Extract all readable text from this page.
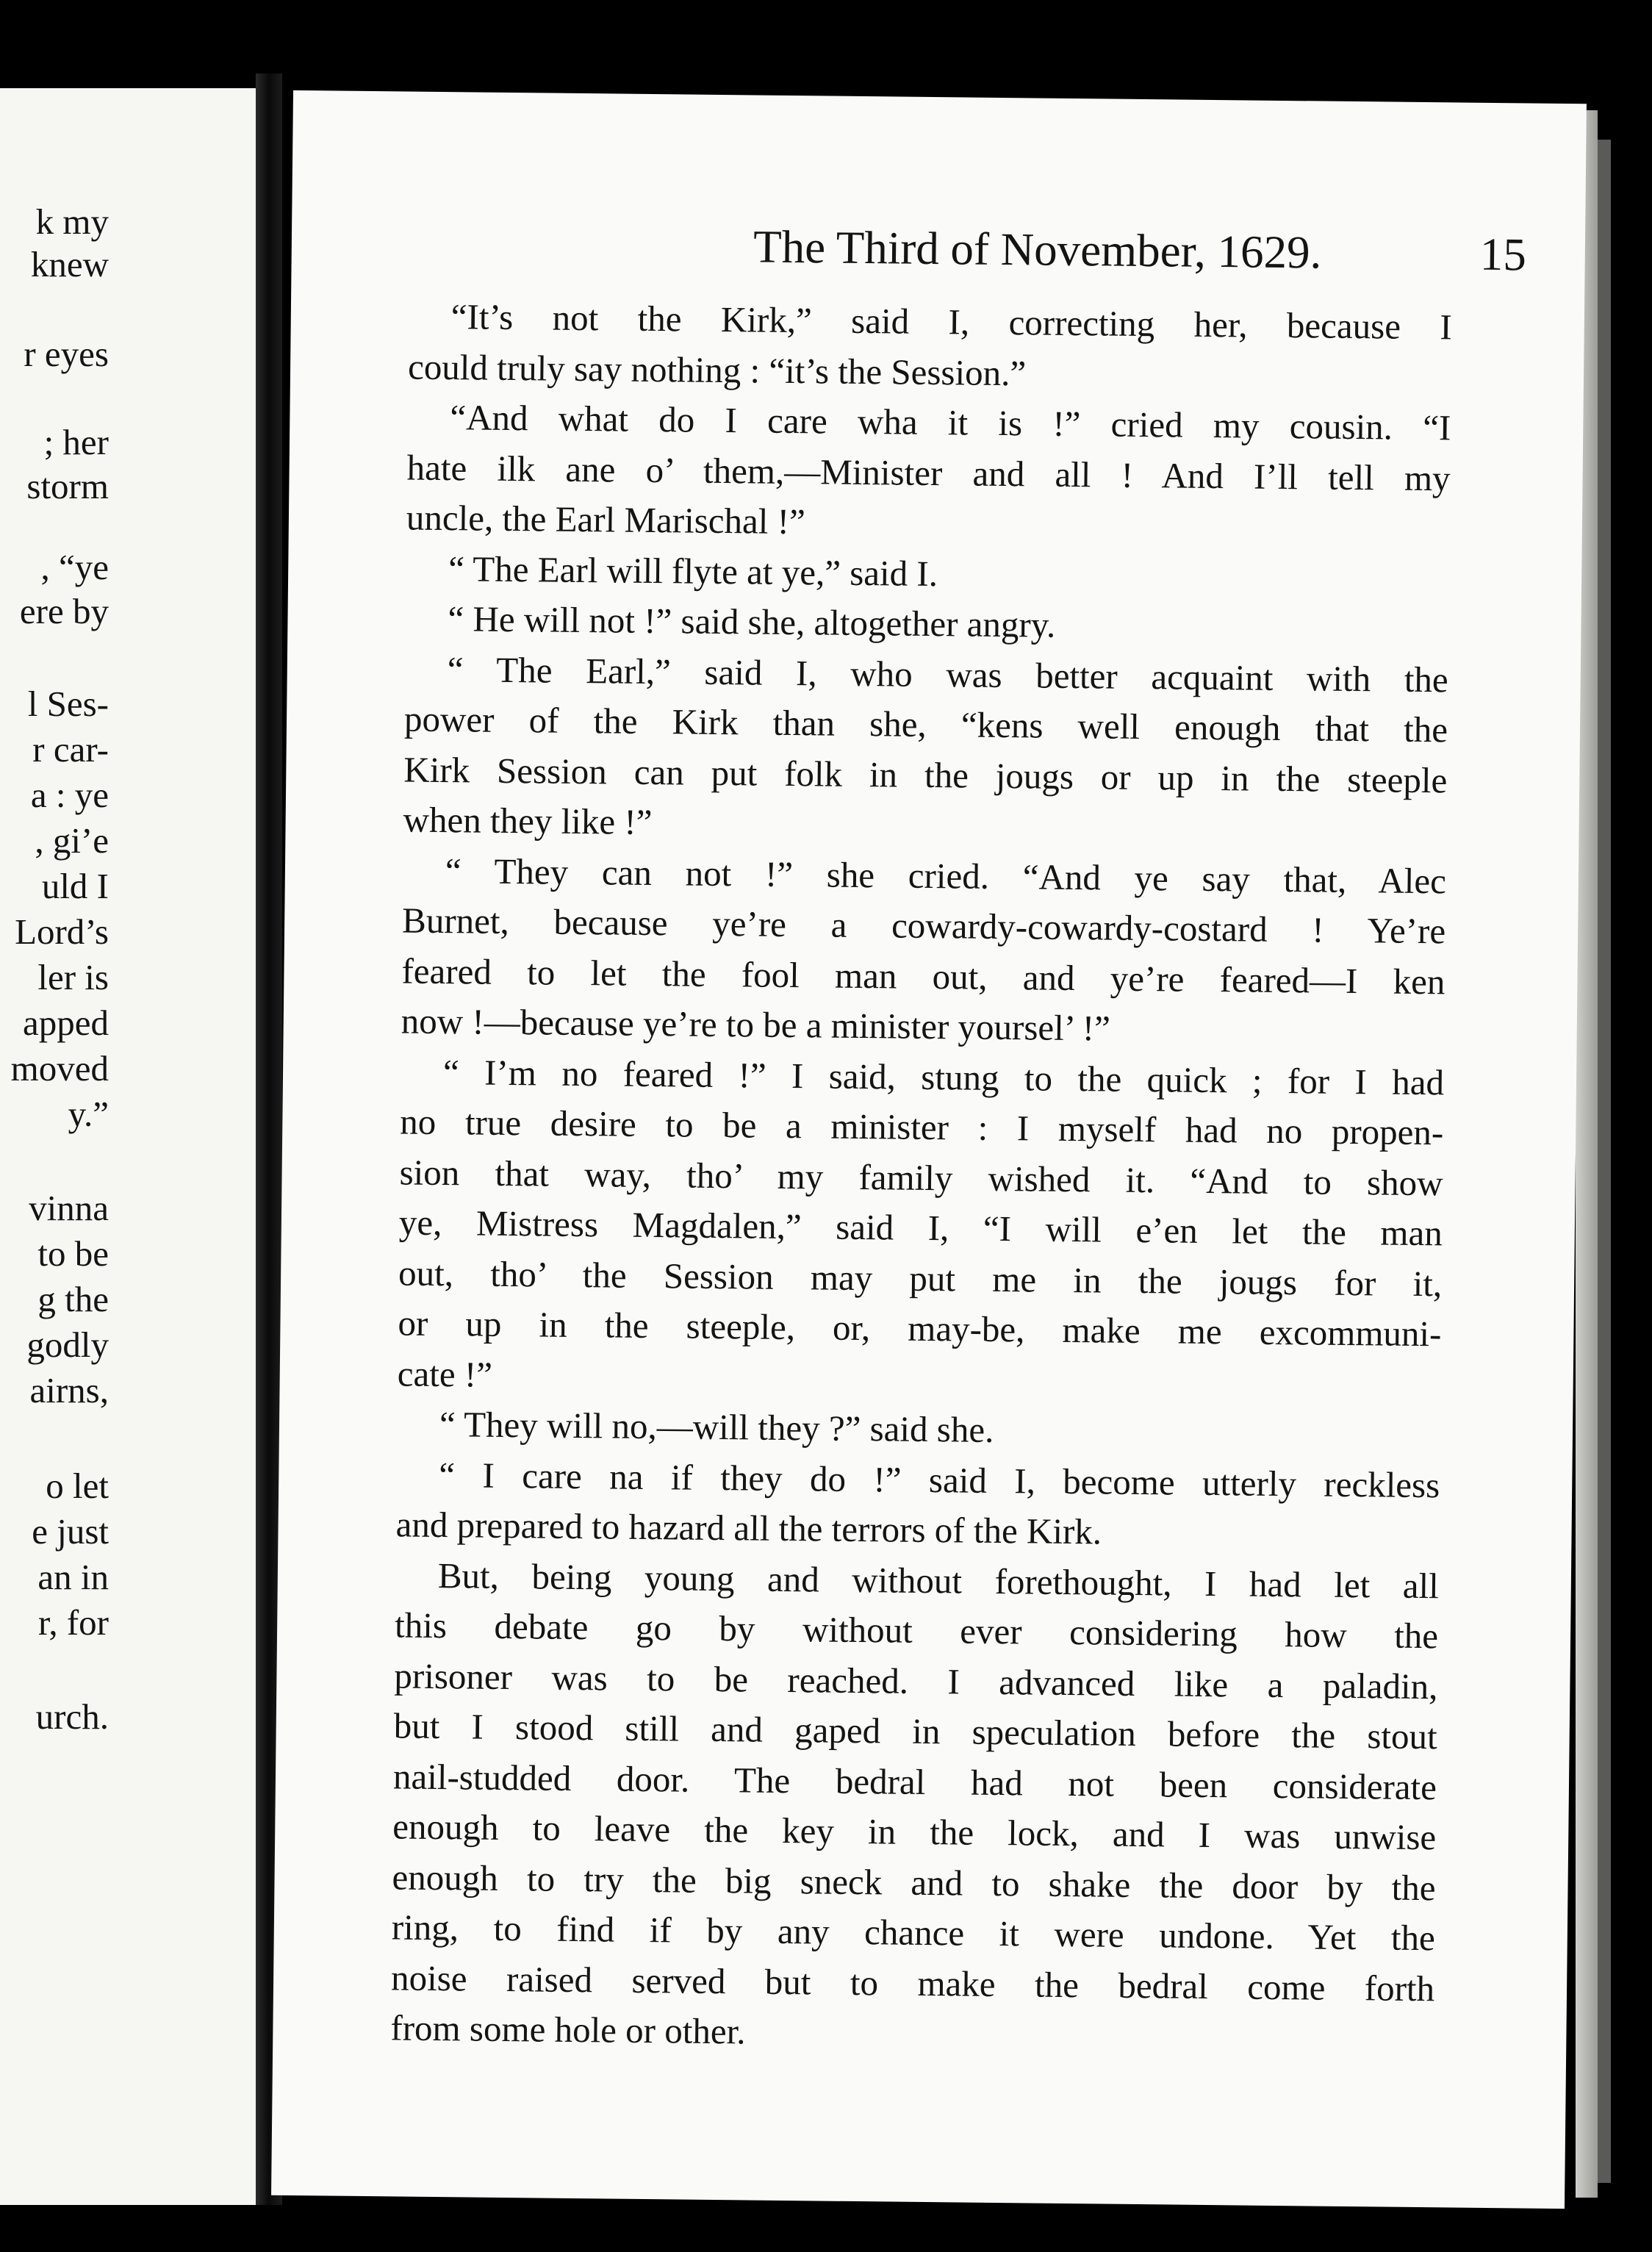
k my
knew
r eyes
; her
storm
, “ye
ere by
l Ses-
r car-
a : ye
, gi’e
uld I
Lord’s
ler is
apped
moved
y.”
vinna
to be
g the
godly
airns,
o let
e just
an in
r, for
urch.
The Third of November, 1629.	15
“It’s not the Kirk,” said I, correcting her, because I
could truly say nothing : “it’s the Session.”
“And what do I care wha it is !” cried my cousin. “I
hate ilk ane o’ them,—Minister and all ! And I’ll tell my
uncle, the Earl Marischal !”
“ The Earl will flyte at ye,” said I.
“ He will not !” said she, altogether angry.
“ The Earl,” said I, who was better acquaint with the
power of the Kirk than she, “kens well enough that the
Kirk Session can put folk in the jougs or up in the steeple
when they like !”
“ They can not !” she cried. “And ye say that, Alec
Burnet, because ye’re a cowardy-cowardy-costard ! Ye’re
feared to let the fool man out, and ye’re feared—I ken
now !—because ye’re to be a minister yoursel’ !”
“ I’m no feared !” I said, stung to the quick ; for I had
no true desire to be a minister : I myself had no propen-
sion that way, tho’ my family wished it. “And to show
ye, Mistress Magdalen,” said I, “I will e’en let the man
out, tho’ the Session may put me in the jougs for it,
or up in the steeple, or, may-be, make me excommuni-
cate !”
“ They will no,—will they ?” said she.
“ I care na if they do !” said I, become utterly reckless
and prepared to hazard all the terrors of the Kirk.
But, being young and without forethought, I had let all
this debate go by without ever considering how the
prisoner was to be reached. I advanced like a paladin,
but I stood still and gaped in speculation before the stout
nail-studded door. The bedral had not been considerate
enough to leave the key in the lock, and I was unwise
enough to try the big sneck and to shake the door by the
ring, to find if by any chance it were undone. Yet the
noise raised served but to make the bedral come forth
from some hole or other.
